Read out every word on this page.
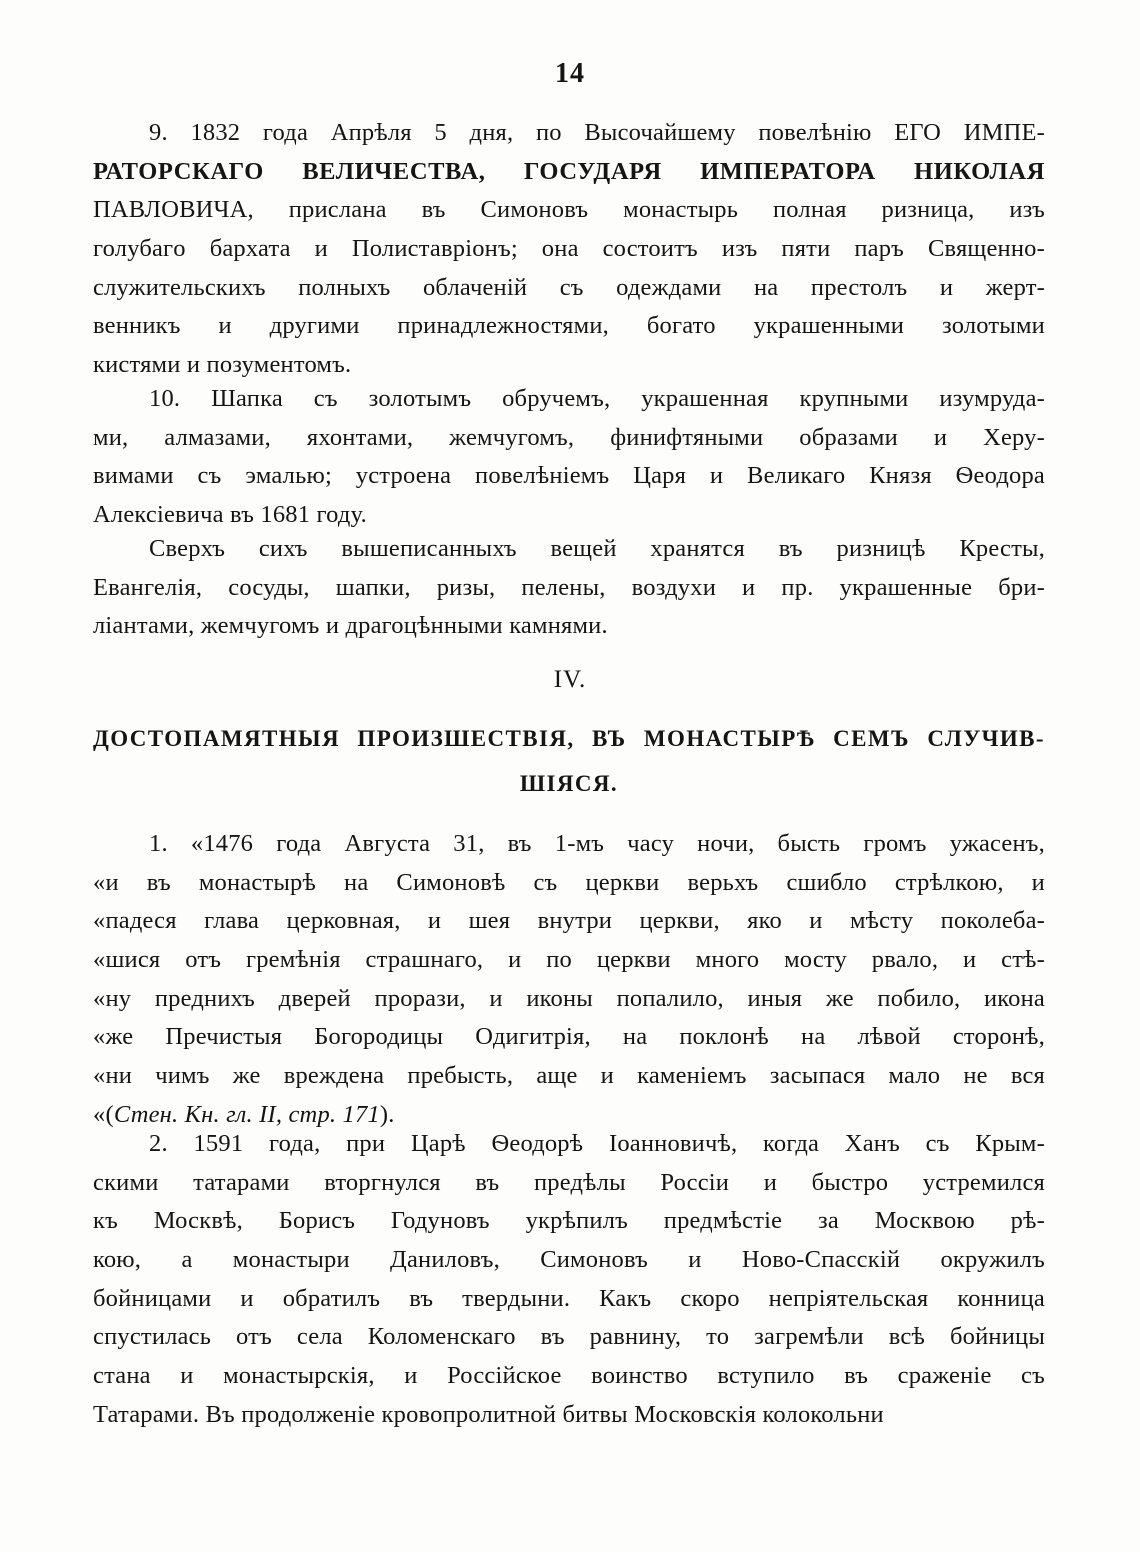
14
9. 1832 года Апрѣля 5 дня, по Высочайшему повелѣнію ЕГО ИМПЕ-
РАТОРСКАГО ВЕЛИЧЕСТВА, ГОСУДАРЯ ИМПЕРАТОРА НИКОЛАЯ
ПАВЛОВИЧА, прислана въ Симоновъ монастырь полная ризница, изъ
голубагo бархата и Полиставріонъ; она состоитъ изъ пяти паръ Священно-
служительскихъ полныхъ облаченій съ одеждами на престолъ и жерт-
венникъ и другими принадлежностями, богато украшенными золотыми
кистями и позументомъ.
10. Шапка съ золотымъ обручемъ, украшенная крупными изумруда-
ми, алмазами, яхонтами, жемчугомъ, финифтяными образами и Херу-
вимами съ эмалью; устроена повелѣніемъ Царя и Великаго Князя Ѳеодора
Алексіевича въ 1681 году.
Сверхъ сихъ вышеписанныхъ вещей хранятся въ ризницѣ Кресты,
Евангелія, сосуды, шапки, ризы, пелены, воздухи и пр. украшенные бри-
ліантами, жемчугомъ и драгоцѣнными камнями.
IV.
ДОСТОПАМЯТНЫЯ ПРОИЗШЕСТВІЯ, ВЪ МОНАСТЫРѢ СЕМЪ СЛУЧИВ-
ШІЯСЯ.
1. «1476 года Августа 31, въ 1-мъ часу ночи, бысть громъ ужасенъ,
«и въ монастырѣ на Симоновѣ съ церкви верьхъ сшибло стрѣлкою, и
«падеся глава церковная, и шея внутри церкви, яко и мѣсту поколеба-
«шися отъ гремѣнія страшнаго, и по церкви много мосту рвало, и стѣ-
«ну преднихъ дверей прорази, и иконы попалило, иныя же побило, икона
«же Пречистыя Богородицы Одигитрія, на поклонѣ на лѣвой сторонѣ,
«ни чимъ же вреждена пребысть, аще и каменіемъ засыпася мало не вся
«(Стен. Кн. гл. II, стр. 171).
2. 1591 года, при Царѣ Ѳеодорѣ Іоанновичѣ, когда Ханъ съ Крым-
скими татарами вторгнулся въ предѣлы Россіи и быстро устремился
къ Москвѣ, Борисъ Годуновъ укрѣпилъ предмѣстіе за Москвою рѣ-
кою, а монастыри Даниловъ, Симоновъ и Ново-Спасскій окружилъ
бойницами и обратилъ въ твердыни. Какъ скоро непріятельская конница
спустилась отъ села Коломенскаго въ равнину, то загремѣли всѣ бойницы
стана и монастырскія, и Россійское воинство вступило въ сраженіе съ
Татарами. Въ продолженіе кровопролитной битвы Московскія колокольни
